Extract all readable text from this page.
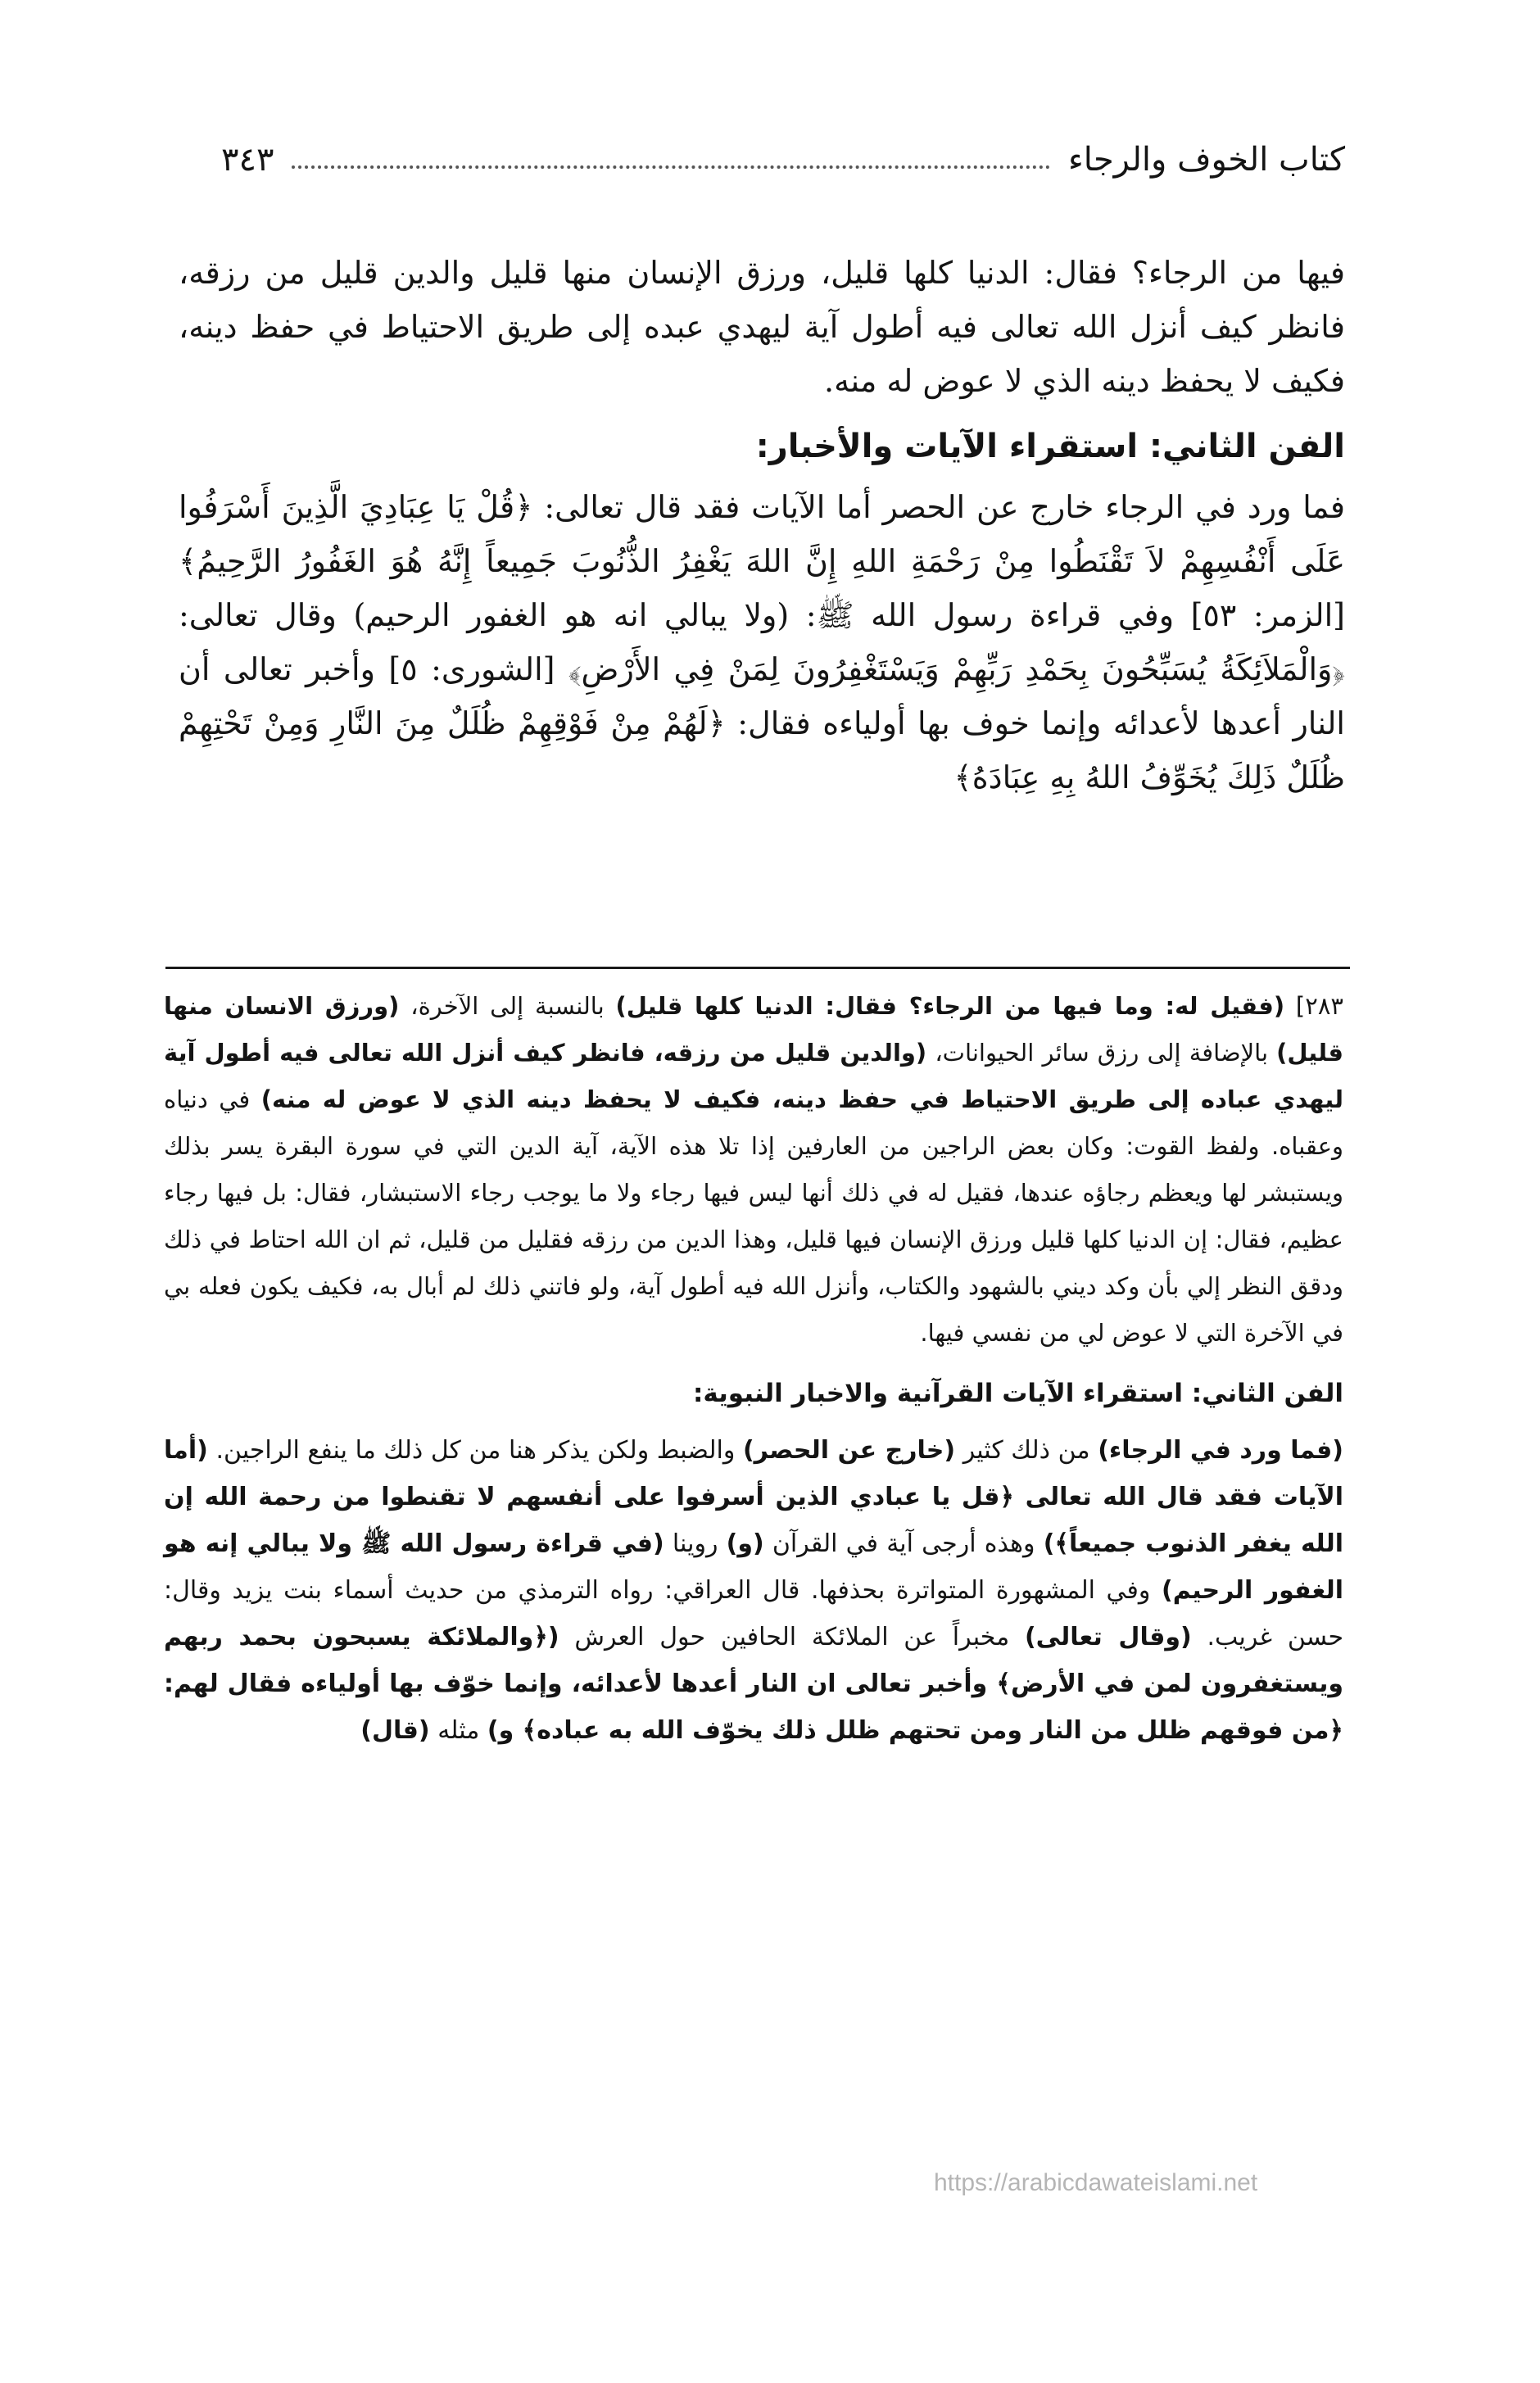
كتاب الخوف والرجاء
٣٤٣

فيها من الرجاء؟ فقال: الدنيا كلها قليل، ورزق الإنسان منها قليل والدين قليل من رزقه، فانظر كيف أنزل الله تعالى فيه أطول آية ليهدي عبده إلى طريق الاحتياط في حفظ دينه، فكيف لا يحفظ دينه الذي لا عوض له منه.

الفن الثاني: استقراء الآيات والأخبار:

فما ورد في الرجاء خارج عن الحصر أما الآيات فقد قال تعالى: ﴿قُلْ يَا عِبَادِيَ الَّذِينَ أَسْرَفُوا عَلَى أَنْفُسِهِمْ لاَ تَقْنَطُوا مِنْ رَحْمَةِ اللهِ إِنَّ اللهَ يَغْفِرُ الذُّنُوبَ جَمِيعاً إِنَّهُ هُوَ الغَفُورُ الرَّحِيمُ﴾ [الزمر: ٥٣] وفي قراءة رسول الله ﷺ: (ولا يبالي انه هو الغفور الرحيم) وقال تعالى: ﴿وَالْمَلاَئِكَةُ يُسَبِّحُونَ بِحَمْدِ رَبِّهِمْ وَيَسْتَغْفِرُونَ لِمَنْ فِي الأَرْضِ﴾ [الشورى: ٥] وأخبر تعالى أن النار أعدها لأعدائه وإنما خوف بها أولياءه فقال: ﴿لَهُمْ مِنْ فَوْقِهِمْ ظُلَلٌ مِنَ النَّارِ وَمِنْ تَحْتِهِمْ ظُلَلٌ ذَلِكَ يُخَوِّفُ اللهُ بِهِ عِبَادَهُ﴾

٢٨٣] (فقيل له: وما فيها من الرجاء؟ فقال: الدنيا كلها قليل) بالنسبة إلى الآخرة، (ورزق الانسان منها قليل) بالإضافة إلى رزق سائر الحيوانات، (والدين قليل من رزقه، فانظر كيف أنزل الله تعالى فيه أطول آية ليهدي عباده إلى طريق الاحتياط في حفظ دينه، فكيف لا يحفظ دينه الذي لا عوض له منه) في دنياه وعقباه. ولفظ القوت: وكان بعض الراجين من العارفين إذا تلا هذه الآية، آية الدين التي في سورة البقرة يسر بذلك ويستبشر لها ويعظم رجاؤه عندها، فقيل له في ذلك أنها ليس فيها رجاء ولا ما يوجب رجاء الاستبشار، فقال: بل فيها رجاء عظيم، فقال: إن الدنيا كلها قليل ورزق الإنسان فيها قليل، وهذا الدين من رزقه فقليل من قليل، ثم ان الله احتاط في ذلك ودقق النظر إلي بأن وكد ديني بالشهود والكتاب، وأنزل الله فيه أطول آية، ولو فاتني ذلك لم أبال به، فكيف يكون فعله بي في الآخرة التي لا عوض لي من نفسي فيها.

الفن الثاني: استقراء الآيات القرآنية والاخبار النبوية:

(فما ورد في الرجاء) من ذلك كثير (خارج عن الحصر) والضبط ولكن يذكر هنا من كل ذلك ما ينفع الراجين. (أما الآيات فقد قال الله تعالى ﴿قل يا عبادي الذين أسرفوا على أنفسهم لا تقنطوا من رحمة الله إن الله يغفر الذنوب جميعاً﴾) وهذه أرجى آية في القرآن (و) روينا (في قراءة رسول الله ﷺ ولا يبالي إنه هو الغفور الرحيم) وفي المشهورة المتواترة بحذفها. قال العراقي: رواه الترمذي من حديث أسماء بنت يزيد وقال: حسن غريب. (وقال تعالى) مخبراً عن الملائكة الحافين حول العرش (﴿والملائكة يسبحون بحمد ربهم ويستغفرون لمن في الأرض﴾ وأخبر تعالى ان النار أعدها لأعدائه، وإنما خوّف بها أولياءه فقال لهم: ﴿من فوقهم ظلل من النار ومن تحتهم ظلل ذلك يخوّف الله به عباده﴾ و) مثله (قال)

https://arabicdawateislami.net
